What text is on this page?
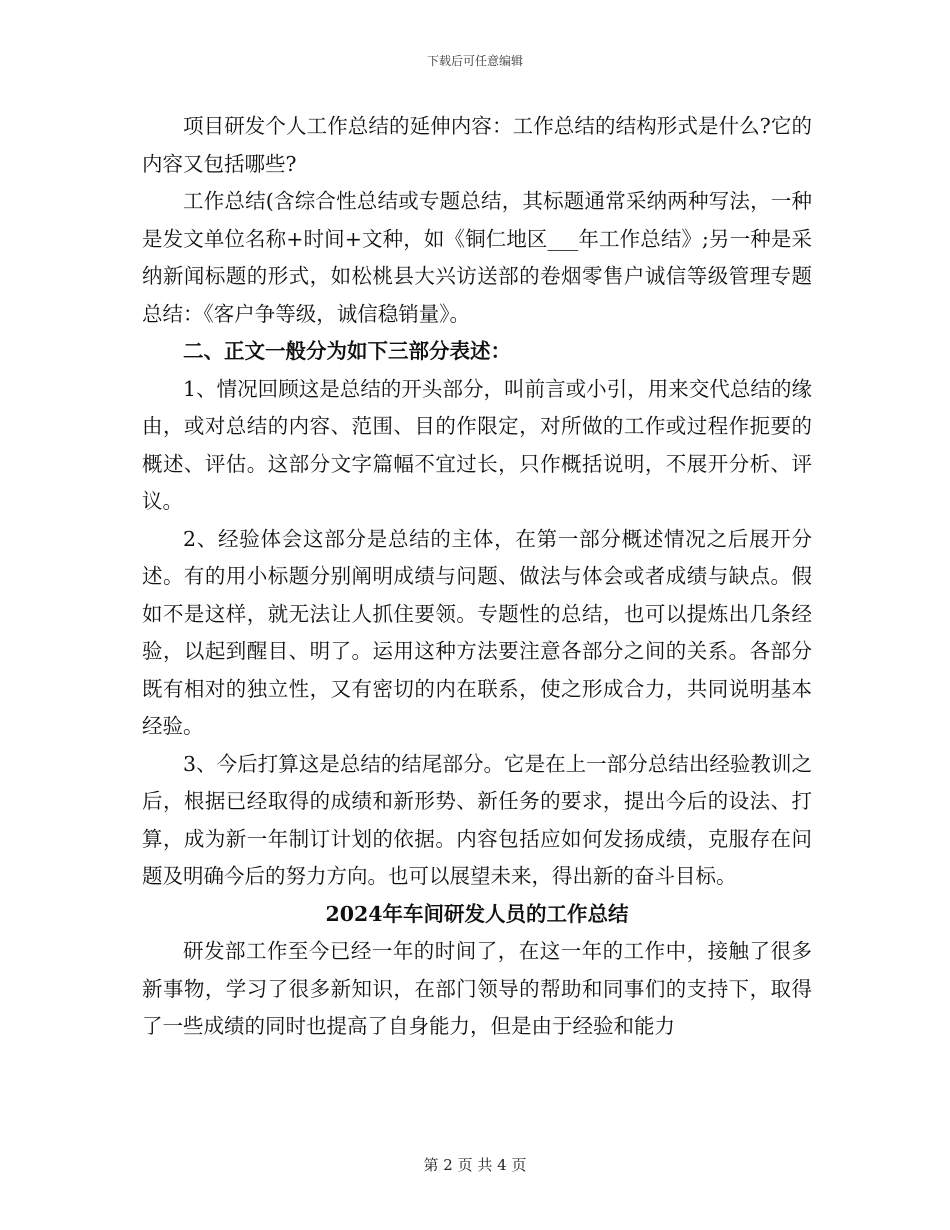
下载后可任意编辑

项目研发个人工作总结的延伸内容：工作总结的结构形式是什么?它的内容又包括哪些?

工作总结(含综合性总结或专题总结，其标题通常采纳两种写法，一种是发文单位名称+时间+文种，如《铜仁地区___年工作总结》;另一种是采纳新闻标题的形式，如松桃县大兴访送部的卷烟零售户诚信等级管理专题总结：《客户争等级，诚信稳销量》。

二、正文一般分为如下三部分表述：

1、情况回顾这是总结的开头部分，叫前言或小引，用来交代总结的缘由，或对总结的内容、范围、目的作限定，对所做的工作或过程作扼要的概述、评估。这部分文字篇幅不宜过长，只作概括说明，不展开分析、评议。

2、经验体会这部分是总结的主体，在第一部分概述情况之后展开分述。有的用小标题分别阐明成绩与问题、做法与体会或者成绩与缺点。假如不是这样，就无法让人抓住要领。专题性的总结，也可以提炼出几条经验，以起到醒目、明了。运用这种方法要注意各部分之间的关系。各部分既有相对的独立性，又有密切的内在联系，使之形成合力，共同说明基本经验。

3、今后打算这是总结的结尾部分。它是在上一部分总结出经验教训之后，根据已经取得的成绩和新形势、新任务的要求，提出今后的设法、打算，成为新一年制订计划的依据。内容包括应如何发扬成绩，克服存在问题及明确今后的努力方向。也可以展望未来，得出新的奋斗目标。

2024年车间研发人员的工作总结

研发部工作至今已经一年的时间了，在这一年的工作中，接触了很多新事物，学习了很多新知识，在部门领导的帮助和同事们的支持下，取得了一些成绩的同时也提高了自身能力，但是由于经验和能力

第 2 页 共 4 页
